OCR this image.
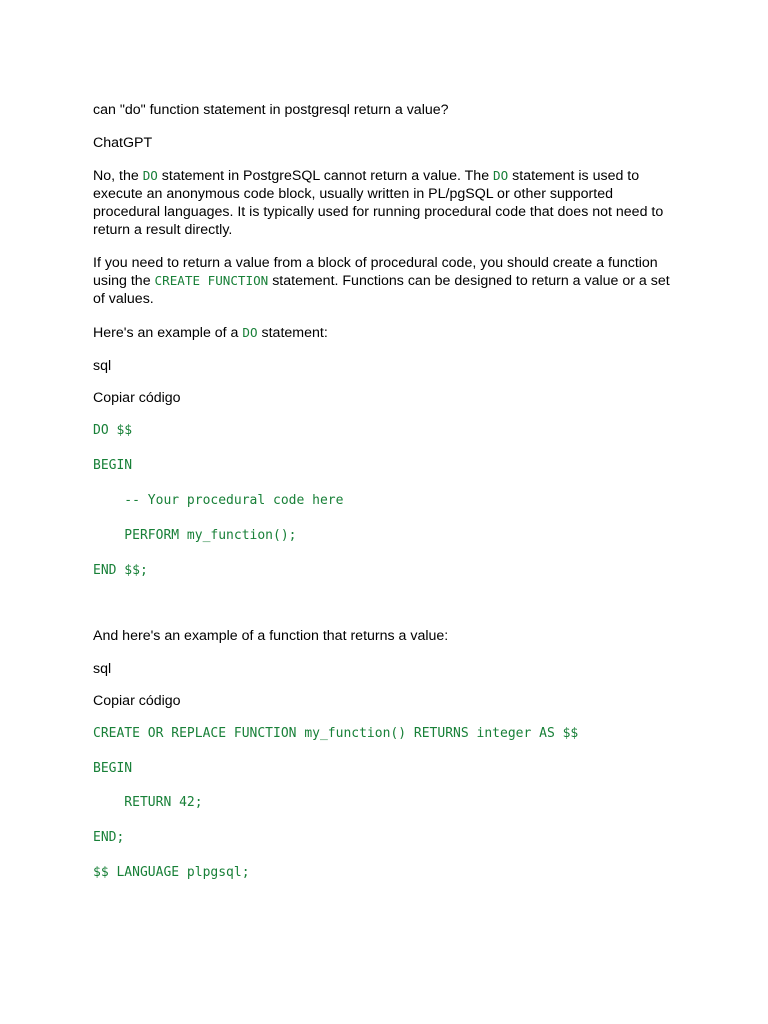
can "do" function statement in postgresql return a value?

ChatGPT

No, the DO statement in PostgreSQL cannot return a value. The DO statement is used to execute an anonymous code block, usually written in PL/pgSQL or other supported procedural languages. It is typically used for running procedural code that does not need to return a result directly.

If you need to return a value from a block of procedural code, you should create a function using the CREATE FUNCTION statement. Functions can be designed to return a value or a set of values.

Here's an example of a DO statement:

sql

Copiar código

DO $$

BEGIN

-- Your procedural code here

PERFORM my_function();

END $$;

And here's an example of a function that returns a value:

sql

Copiar código

CREATE OR REPLACE FUNCTION my_function() RETURNS integer AS $$

BEGIN

RETURN 42;

END;

$$ LANGUAGE plpgsql;
